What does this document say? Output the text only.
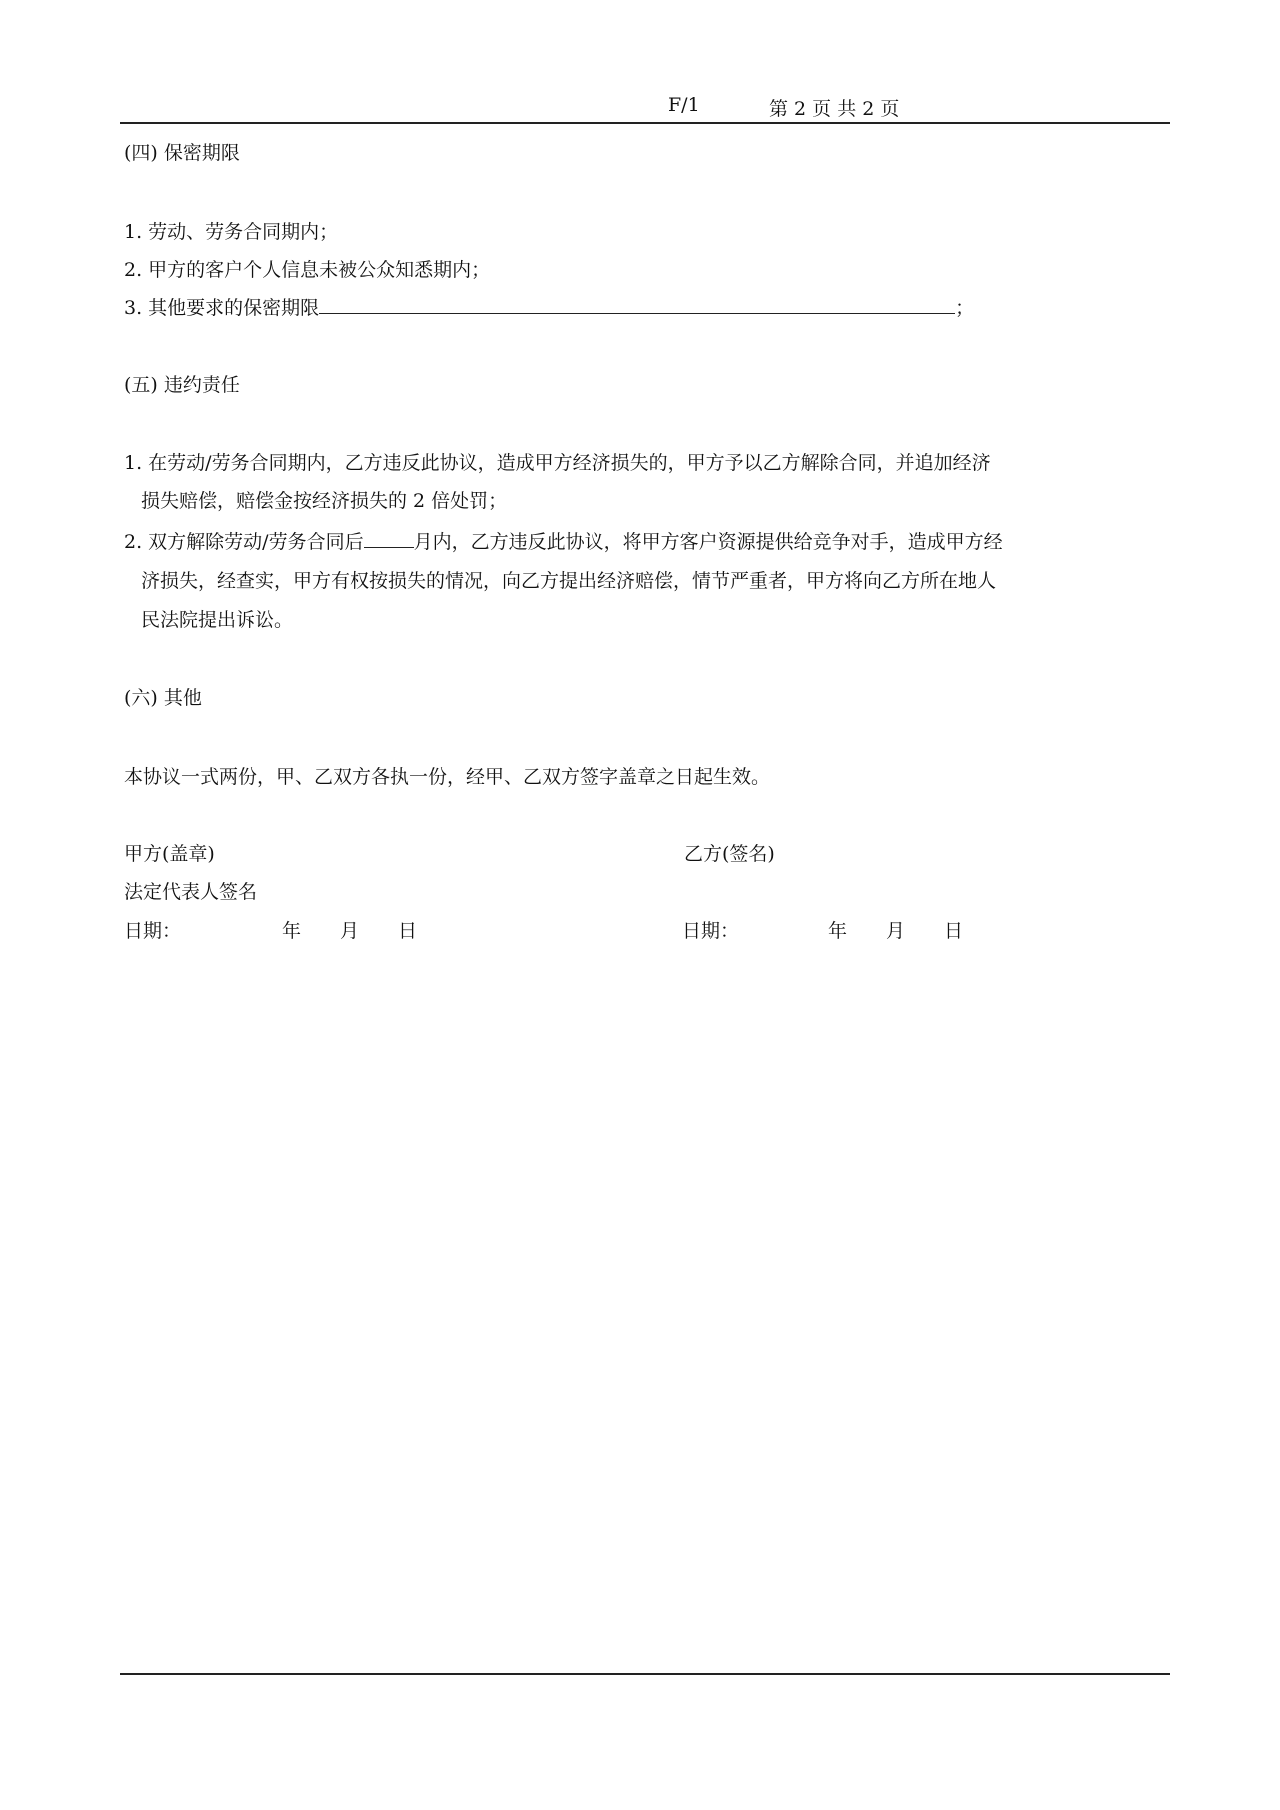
F/1	第 2 页 共 2 页
(四) 保密期限
1. 劳动、劳务合同期内；
2. 甲方的客户个人信息未被公众知悉期内；
3. 其他要求的保密期限	；
(五) 违约责任
1. 在劳动/劳务合同期内，乙方违反此协议，造成甲方经济损失的，甲方予以乙方解除合同，并追加经济
损失赔偿，赔偿金按经济损失的 2 倍处罚；
2. 双方解除劳动/劳务合同后	月内，乙方违反此协议，将甲方客户资源提供给竞争对手，造成甲方经
济损失，经查实，甲方有权按损失的情况，向乙方提出经济赔偿，情节严重者，甲方将向乙方所在地人
民法院提出诉讼。
(六) 其他
本协议一式两份，甲、乙双方各执一份，经甲、乙双方签字盖章之日起生效。
甲方(盖章)	乙方(签名)
法定代表人签名
日期：	年 月 日	日期：	年 月 日
